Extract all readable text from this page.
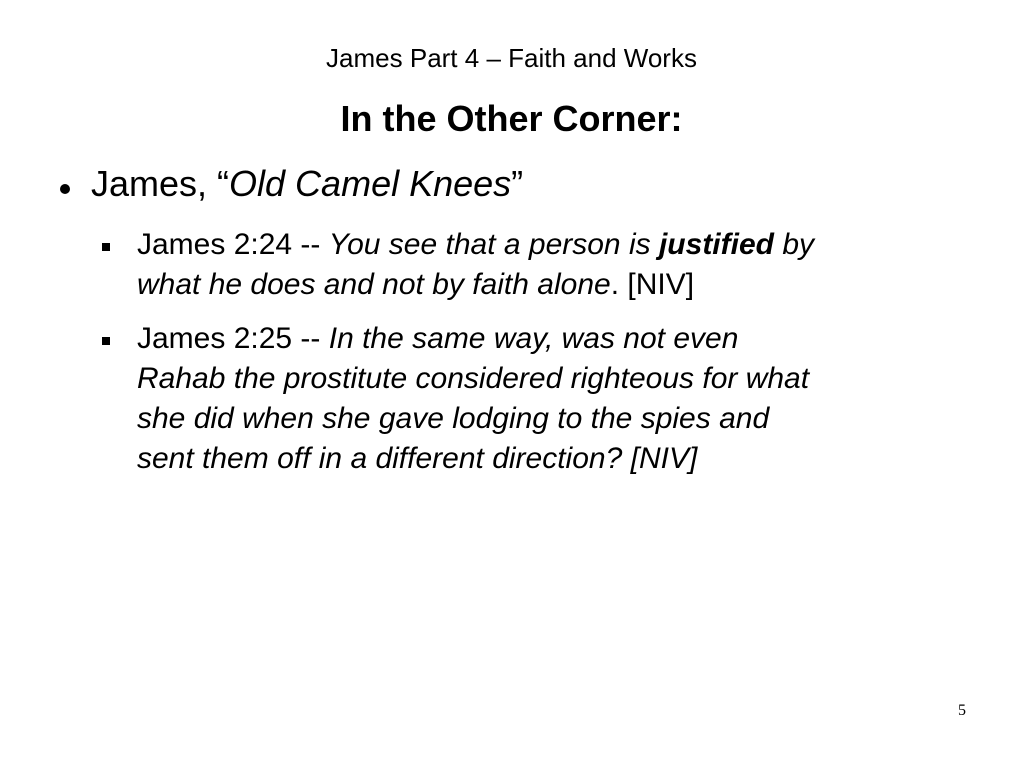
James Part 4 – Faith and Works
In the Other Corner:
James, “Old Camel Knees”
James 2:24 -- You see that a person is justified by
what he does and not by faith alone. [NIV]
James 2:25 -- In the same way, was not even
Rahab the prostitute considered righteous for what
she did when she gave lodging to the spies and
sent them off in a different direction? [NIV]
5
